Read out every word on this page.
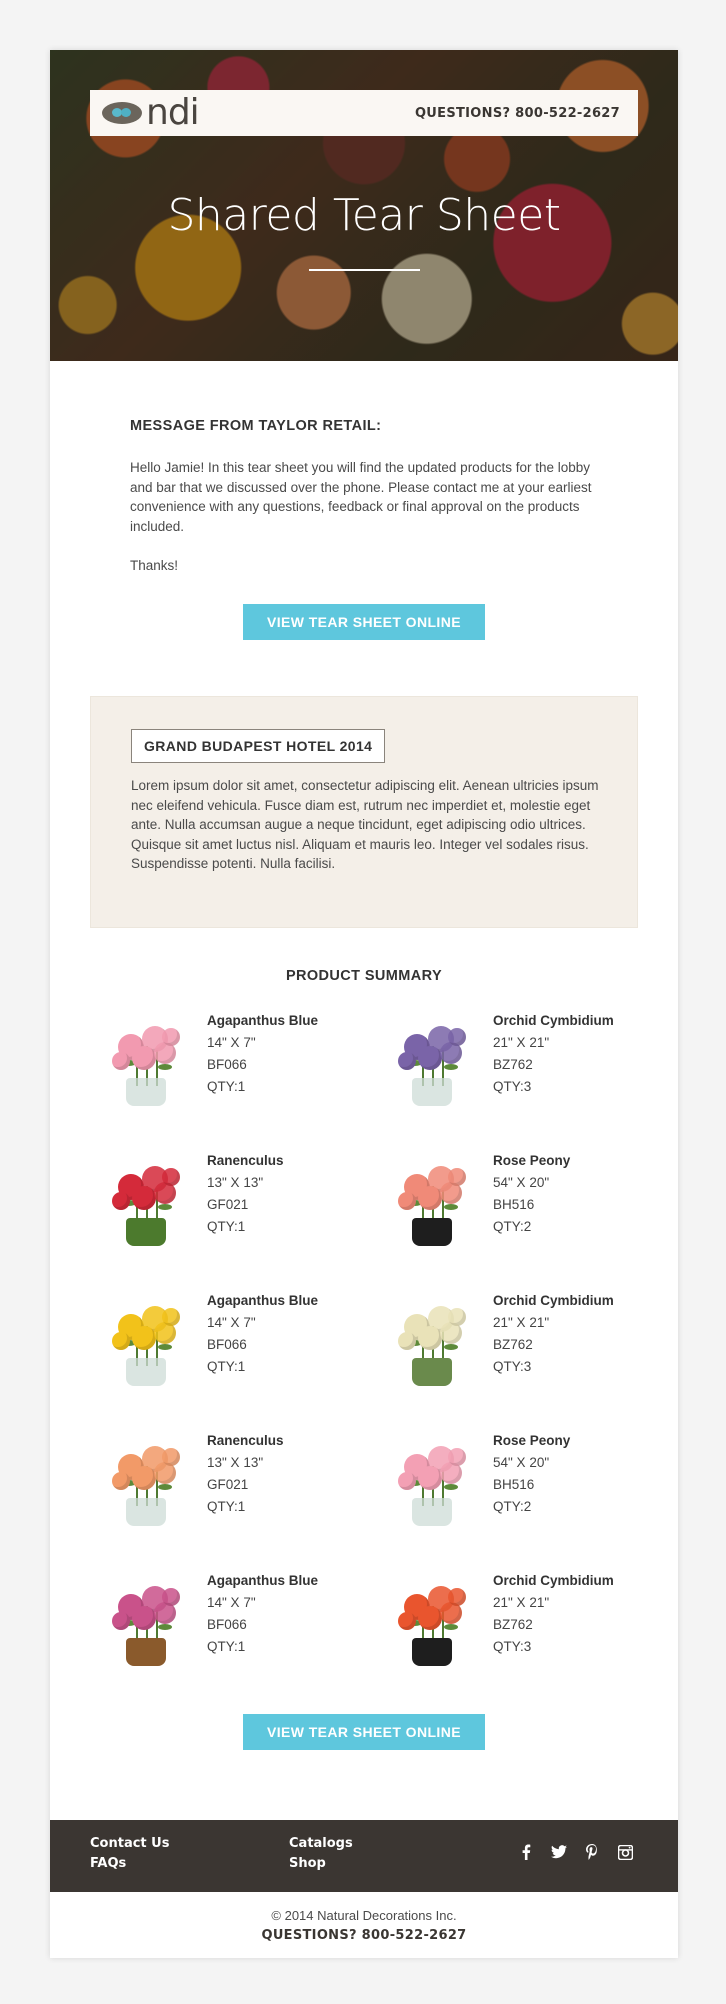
ndi	QUESTIONS? 800-522-2627
Shared Tear Sheet
MESSAGE FROM TAYLOR RETAIL:
Hello Jamie! In this tear sheet you will find the updated products for the lobby and bar that we discussed over the phone. Please contact me at your earliest convenience with any questions, feedback or final approval on the products included.
Thanks!
VIEW TEAR SHEET ONLINE
GRAND BUDAPEST HOTEL 2014
Lorem ipsum dolor sit amet, consectetur adipiscing elit. Aenean ultricies ipsum nec eleifend vehicula. Fusce diam est, rutrum nec imperdiet et, molestie eget ante. Nulla accumsan augue a neque tincidunt, eget adipiscing odio ultrices. Quisque sit amet luctus nisl. Aliquam et mauris leo. Integer vel sodales risus. Suspendisse potenti. Nulla facilisi.
PRODUCT SUMMARY
Agapanthus Blue
14" X 7"
BF066
QTY:1
Orchid Cymbidium
21" X 21"
BZ762
QTY:3
Ranenculus
13" X 13"
GF021
QTY:1
Rose Peony
54" X 20"
BH516
QTY:2
Agapanthus Blue
14" X 7"
BF066
QTY:1
Orchid Cymbidium
21" X 21"
BZ762
QTY:3
Ranenculus
13" X 13"
GF021
QTY:1
Rose Peony
54" X 20"
BH516
QTY:2
Agapanthus Blue
14" X 7"
BF066
QTY:1
Orchid Cymbidium
21" X 21"
BZ762
QTY:3
VIEW TEAR SHEET ONLINE
Contact Us
FAQs
Catalogs
Shop
© 2014 Natural Decorations Inc.
QUESTIONS? 800-522-2627
